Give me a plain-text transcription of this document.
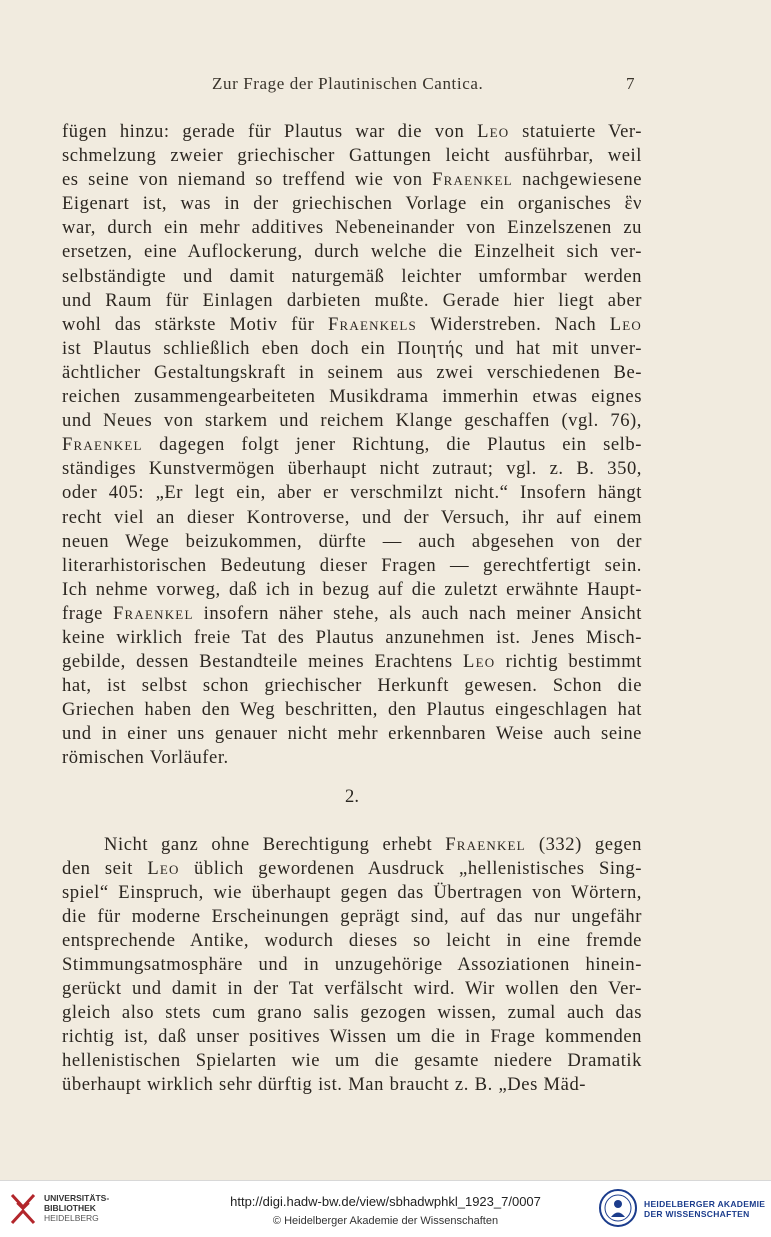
Zur Frage der Plautinischen Cantica.	7
fügen hinzu: gerade für Plautus war die von Leo statuierte Ver-
schmelzung zweier griechischer Gattungen leicht ausführbar, weil
es seine von niemand so treffend wie von Fraenkel nachgewiesene
Eigenart ist, was in der griechischen Vorlage ein organisches ἓν
war, durch ein mehr additives Nebeneinander von Einzelszenen zu
ersetzen, eine Auflockerung, durch welche die Einzelheit sich ver-
selbständigte und damit naturgemäß leichter umformbar werden
und Raum für Einlagen darbieten mußte. Gerade hier liegt aber
wohl das stärkste Motiv für Fraenkels Widerstreben. Nach Leo
ist Plautus schließlich eben doch ein Ποιητής und hat mit unver-
ächtlicher Gestaltungskraft in seinem aus zwei verschiedenen Be-
reichen zusammengearbeiteten Musikdrama immerhin etwas eignes
und Neues von starkem und reichem Klange geschaffen (vgl. 76),
Fraenkel dagegen folgt jener Richtung, die Plautus ein selb-
ständiges Kunstvermögen überhaupt nicht zutraut; vgl. z. B. 350,
oder 405: „Er legt ein, aber er verschmilzt nicht.“ Insofern hängt
recht viel an dieser Kontroverse, und der Versuch, ihr auf einem
neuen Wege beizukommen, dürfte — auch abgesehen von der
literarhistorischen Bedeutung dieser Fragen — gerechtfertigt sein.
Ich nehme vorweg, daß ich in bezug auf die zuletzt erwähnte Haupt-
frage Fraenkel insofern näher stehe, als auch nach meiner Ansicht
keine wirklich freie Tat des Plautus anzunehmen ist. Jenes Misch-
gebilde, dessen Bestandteile meines Erachtens Leo richtig bestimmt
hat, ist selbst schon griechischer Herkunft gewesen. Schon die
Griechen haben den Weg beschritten, den Plautus eingeschlagen hat
und in einer uns genauer nicht mehr erkennbaren Weise auch seine
römischen Vorläufer.
2.
Nicht ganz ohne Berechtigung erhebt Fraenkel (332) gegen
den seit Leo üblich gewordenen Ausdruck „hellenistisches Sing-
spiel“ Einspruch, wie überhaupt gegen das Übertragen von Wörtern,
die für moderne Erscheinungen geprägt sind, auf das nur ungefähr
entsprechende Antike, wodurch dieses so leicht in eine fremde
Stimmungsatmosphäre und in unzugehörige Assoziationen hinein-
gerückt und damit in der Tat verfälscht wird. Wir wollen den Ver-
gleich also stets cum grano salis gezogen wissen, zumal auch das
richtig ist, daß unser positives Wissen um die in Frage kommenden
hellenistischen Spielarten wie um die gesamte niedere Dramatik
überhaupt wirklich sehr dürftig ist. Man braucht z. B. „Des Mäd-
UNIVERSITÄTS-
BIBLIOTHEK
HEIDELBERG
http://digi.hadw-bw.de/view/sbhadwphkl_1923_7/0007
© Heidelberger Akademie der Wissenschaften
HEIDELBERGER AKADEMIE
DER WISSENSCHAFTEN
